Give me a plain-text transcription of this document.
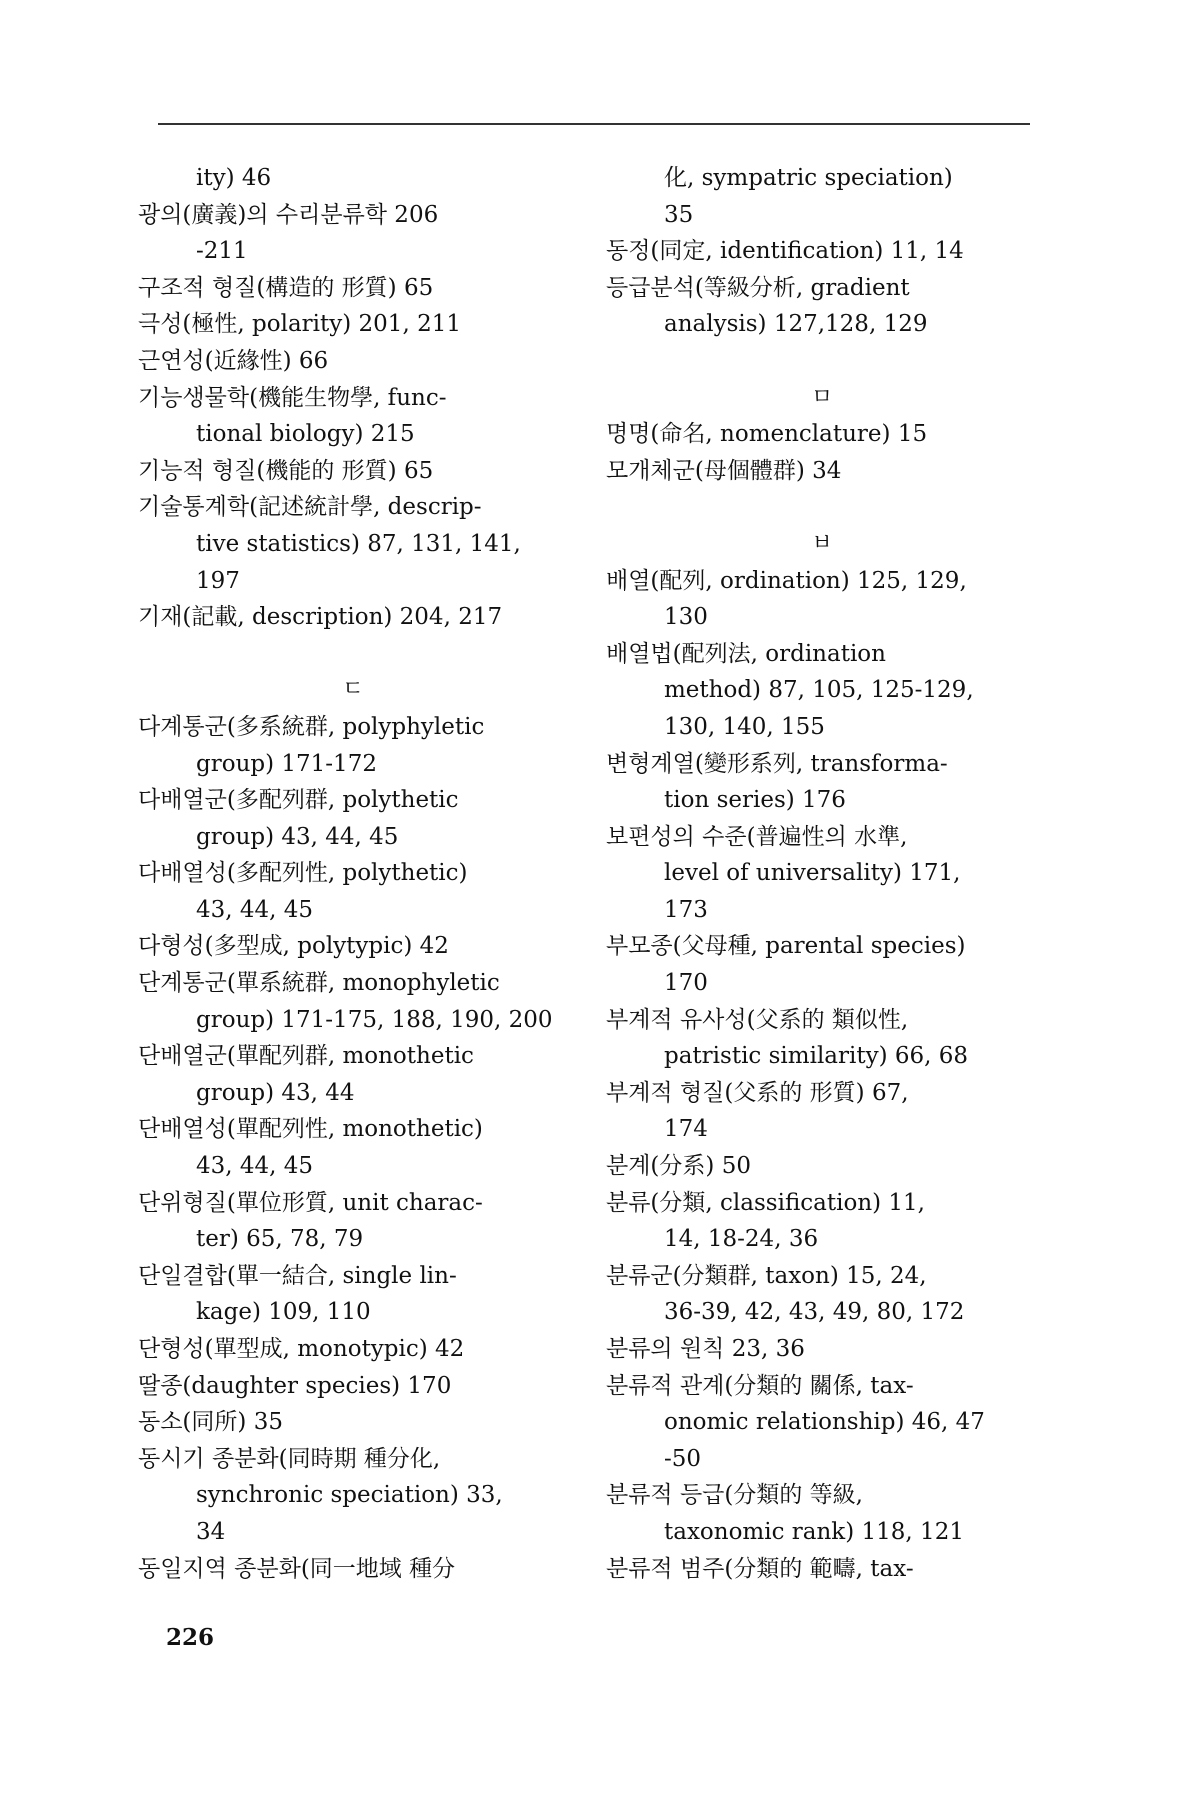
ity) 46
광의(廣義)의 수리분류학 206
-211
구조적 형질(構造的 形質) 65
극성(極性, polarity) 201, 211
근연성(近緣性) 66
기능생물학(機能生物學, func-
tional biology) 215
기능적 형질(機能的 形質) 65
기술통계학(記述統計學, descrip-
tive statistics) 87, 131, 141,
197
기재(記載, description) 204, 217
ㄷ
다계통군(多系統群, polyphyletic
group) 171-172
다배열군(多配列群, polythetic
group) 43, 44, 45
다배열성(多配列性, polythetic)
43, 44, 45
다형성(多型成, polytypic) 42
단계통군(單系統群, monophyletic
group) 171-175, 188, 190, 200
단배열군(單配列群, monothetic
group) 43, 44
단배열성(單配列性, monothetic)
43, 44, 45
단위형질(單位形質, unit charac-
ter) 65, 78, 79
단일결합(單一結合, single lin-
kage) 109, 110
단형성(單型成, monotypic) 42
딸종(daughter species) 170
동소(同所) 35
동시기 종분화(同時期 種分化,
synchronic speciation) 33,
34
동일지역 종분화(同一地域 種分
化, sympatric speciation)
35
동정(同定, identification) 11, 14
등급분석(等級分析, gradient
analysis) 127,128, 129
ㅁ
명명(命名, nomenclature) 15
모개체군(母個體群) 34
ㅂ
배열(配列, ordination) 125, 129,
130
배열법(配列法, ordination
method) 87, 105, 125-129,
130, 140, 155
변형계열(變形系列, transforma-
tion series) 176
보편성의 수준(普遍性의 水準,
level of universality) 171,
173
부모종(父母種, parental species)
170
부계적 유사성(父系的 類似性,
patristic similarity) 66, 68
부계적 형질(父系的 形質) 67,
174
분계(分系) 50
분류(分類, classification) 11,
14, 18-24, 36
분류군(分類群, taxon) 15, 24,
36-39, 42, 43, 49, 80, 172
분류의 원칙 23, 36
분류적 관계(分類的 關係, tax-
onomic relationship) 46, 47
-50
분류적 등급(分類的 等級,
taxonomic rank) 118, 121
분류적 범주(分類的 範疇, tax-
226
